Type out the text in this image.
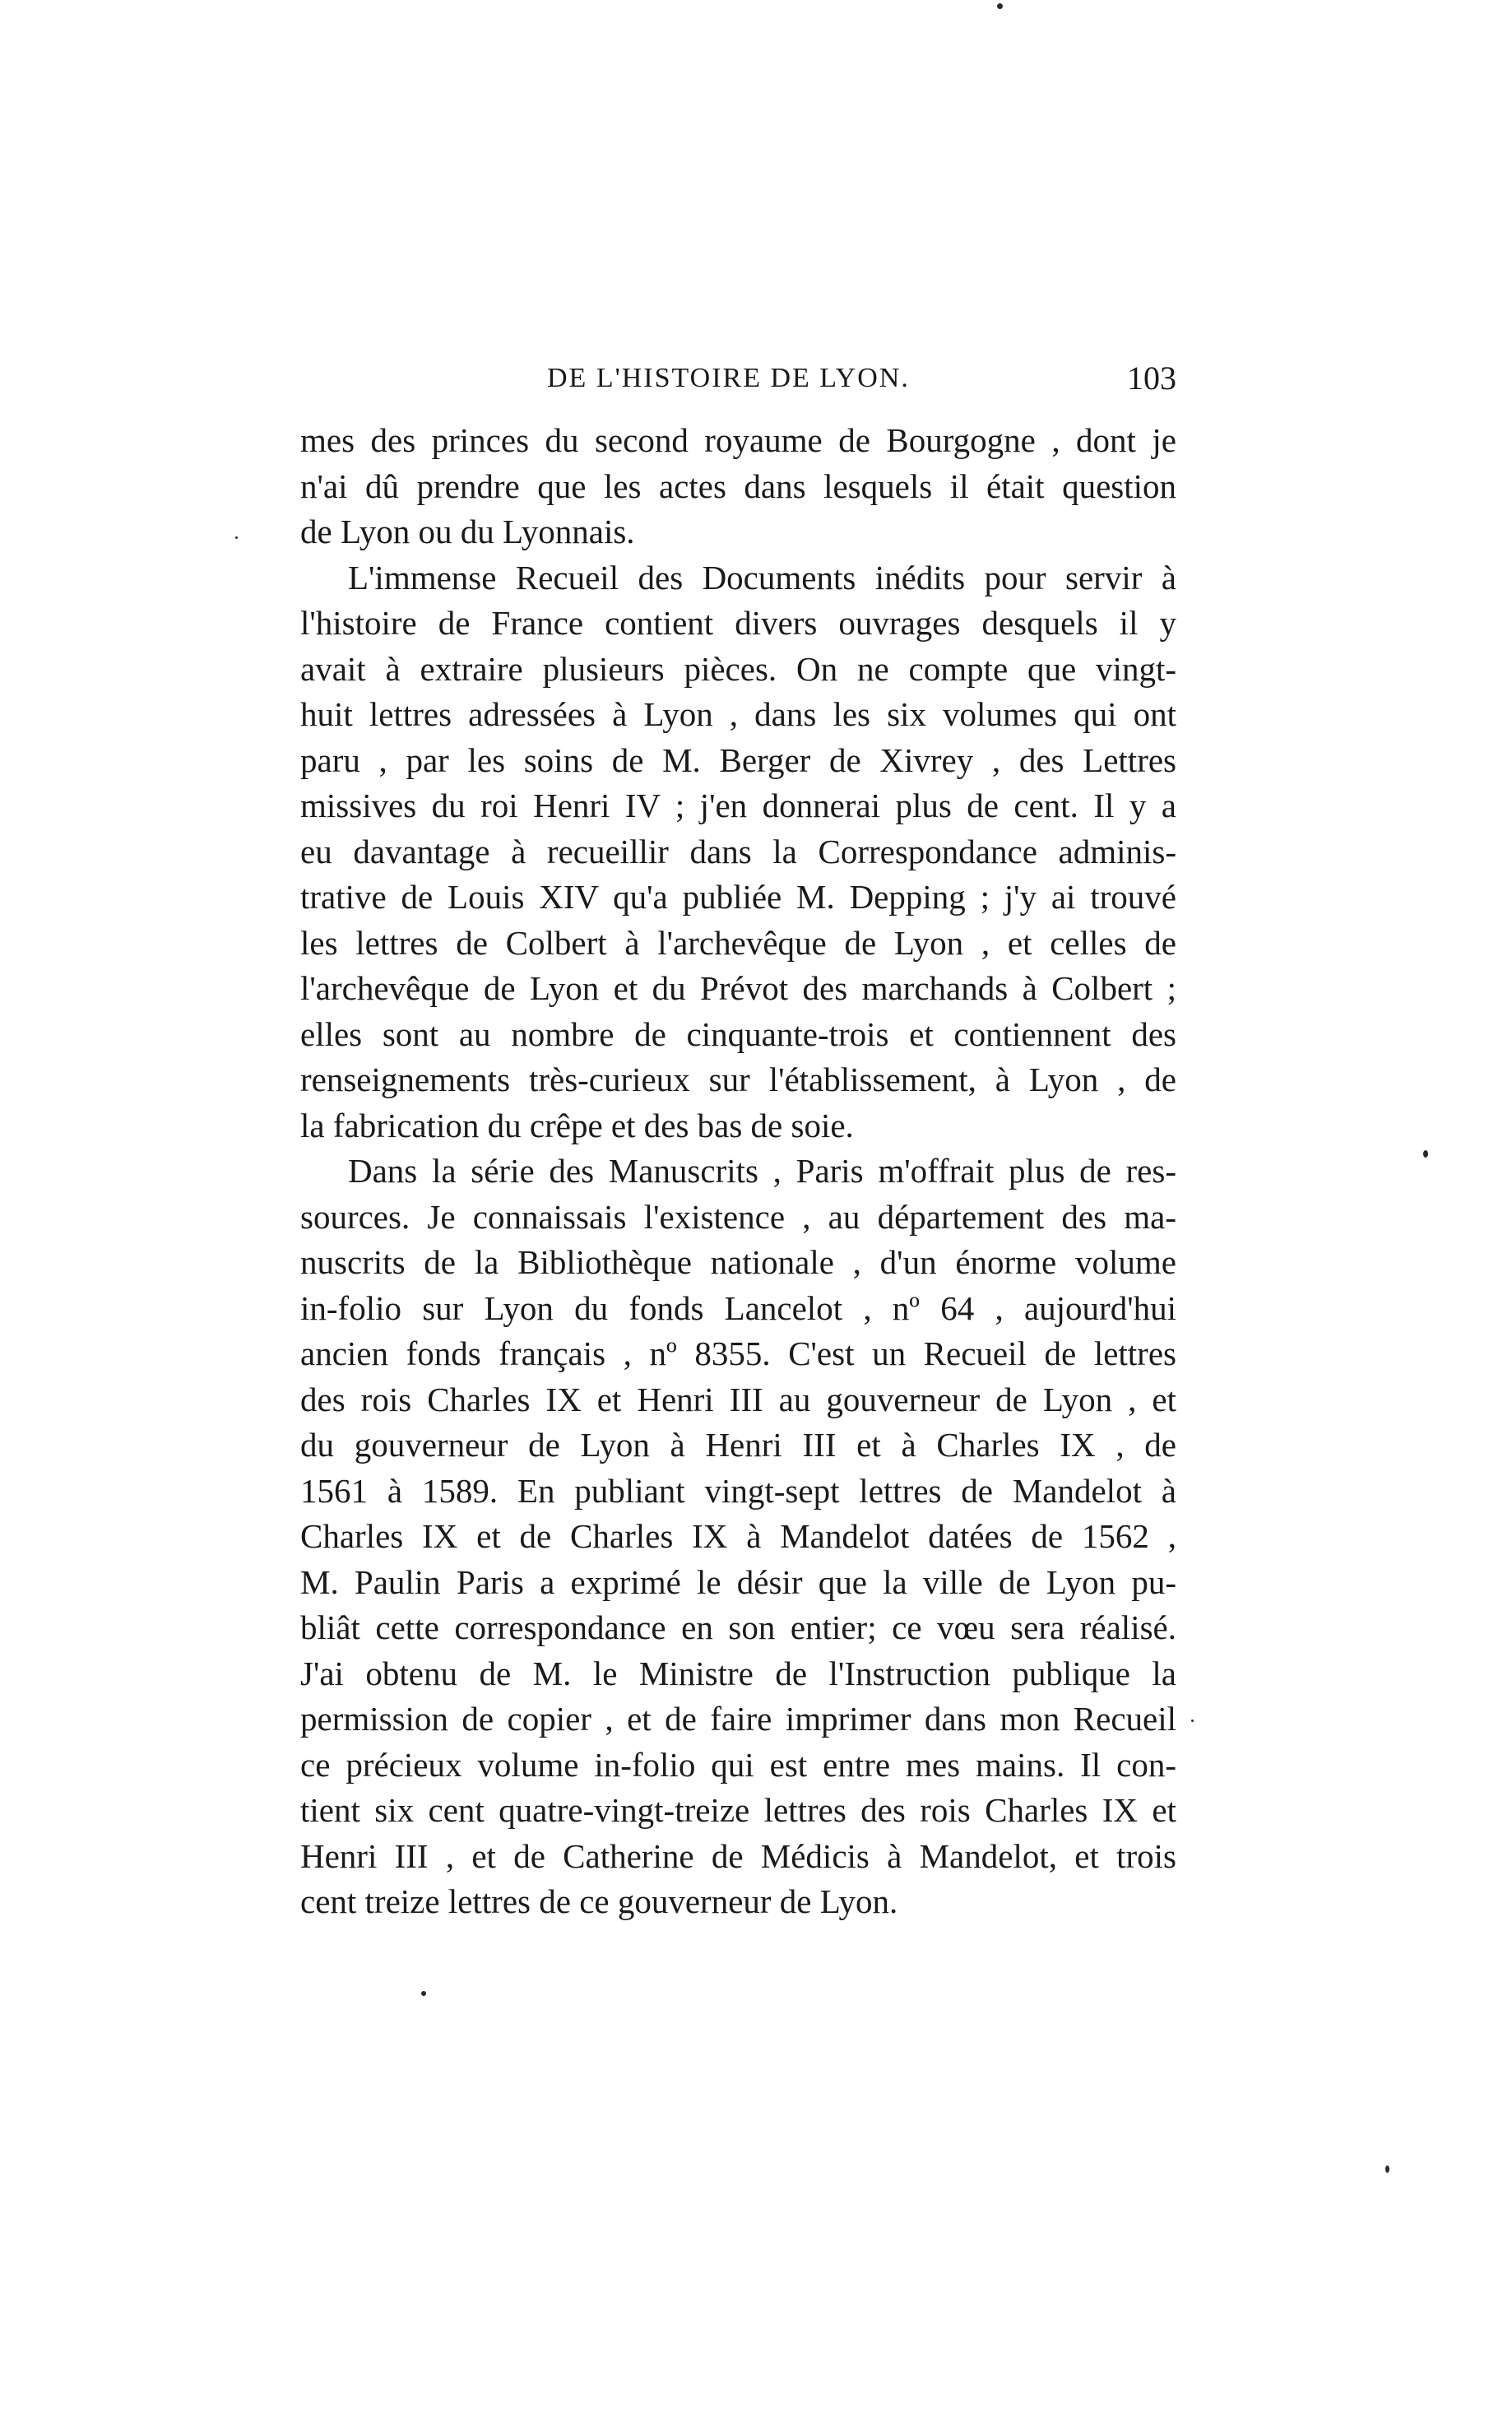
DE L'HISTOIRE DE LYON.	103
mes des princes du second royaume de Bourgogne , dont je
n'ai dû prendre que les actes dans lesquels il était question
de Lyon ou du Lyonnais.
L'immense Recueil des Documents inédits pour servir à
l'histoire de France contient divers ouvrages desquels il y
avait à extraire plusieurs pièces. On ne compte que vingt-
huit lettres adressées à Lyon , dans les six volumes qui ont
paru , par les soins de M. Berger de Xivrey , des Lettres
missives du roi Henri IV ; j'en donnerai plus de cent. Il y a
eu davantage à recueillir dans la Correspondance adminis-
trative de Louis XIV qu'a publiée M. Depping ; j'y ai trouvé
les lettres de Colbert à l'archevêque de Lyon , et celles de
l'archevêque de Lyon et du Prévot des marchands à Colbert ;
elles sont au nombre de cinquante-trois et contiennent des
renseignements très-curieux sur l'établissement, à Lyon , de
la fabrication du crêpe et des bas de soie.
Dans la série des Manuscrits , Paris m'offrait plus de res-
sources. Je connaissais l'existence , au département des ma-
nuscrits de la Bibliothèque nationale , d'un énorme volume
in-folio sur Lyon du fonds Lancelot , nº 64 , aujourd'hui
ancien fonds français , nº 8355. C'est un Recueil de lettres
des rois Charles IX et Henri III au gouverneur de Lyon , et
du gouverneur de Lyon à Henri III et à Charles IX , de
1561 à 1589. En publiant vingt-sept lettres de Mandelot à
Charles IX et de Charles IX à Mandelot datées de 1562 ,
M. Paulin Paris a exprimé le désir que la ville de Lyon pu-
bliât cette correspondance en son entier; ce vœu sera réalisé.
J'ai obtenu de M. le Ministre de l'Instruction publique la
permission de copier , et de faire imprimer dans mon Recueil
ce précieux volume in-folio qui est entre mes mains. Il con-
tient six cent quatre-vingt-treize lettres des rois Charles IX et
Henri III , et de Catherine de Médicis à Mandelot, et trois
cent treize lettres de ce gouverneur de Lyon.
